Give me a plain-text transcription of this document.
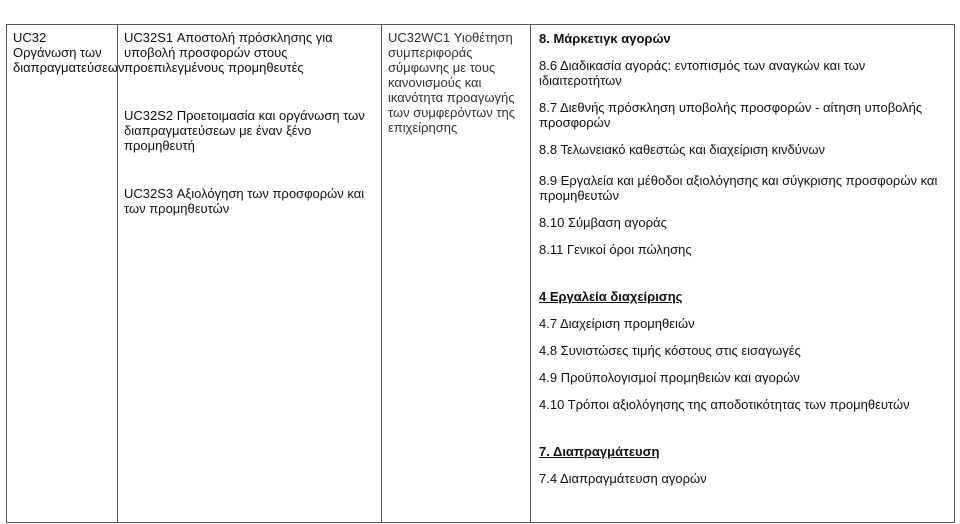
UC32 Οργάνωση των διαπραγματεύσεων

UC32S1 Αποστολή πρόσκλησης για υποβολή προσφορών στους προεπιλεγμένους προμηθευτές
UC32S2 Προετοιμασία και οργάνωση των διαπραγματεύσεων με έναν ξένο προμηθευτή
UC32S3 Αξιολόγηση των προσφορών και των προμηθευτών

UC32WC1 Υιοθέτηση συμπεριφοράς σύμφωνης με τους κανονισμούς και ικανότητα προαγωγής των συμφερόντων της επιχείρησης

8. Μάρκετιγκ αγορών
8.6 Διαδικασία αγοράς: εντοπισμός των αναγκών και των ιδιαιτεροτήτων
8.7 Διεθνής πρόσκληση υποβολής προσφορών - αίτηση υποβολής προσφορών
8.8 Τελωνειακό καθεστώς και διαχείριση κινδύνων
8.9 Εργαλεία και μέθοδοι αξιολόγησης και σύγκρισης προσφορών και προμηθευτών
8.10 Σύμβαση αγοράς
8.11 Γενικοί όροι πώλησης
4 Εργαλεία διαχείρισης
4.7 Διαχείριση προμηθειών
4.8 Συνιστώσες τιμής κόστους στις εισαγωγές
4.9 Προϋπολογισμοί προμηθειών και αγορών
4.10 Τρόποι αξιολόγησης της αποδοτικότητας των προμηθευτών
7. Διαπραγμάτευση
7.4 Διαπραγμάτευση αγορών
